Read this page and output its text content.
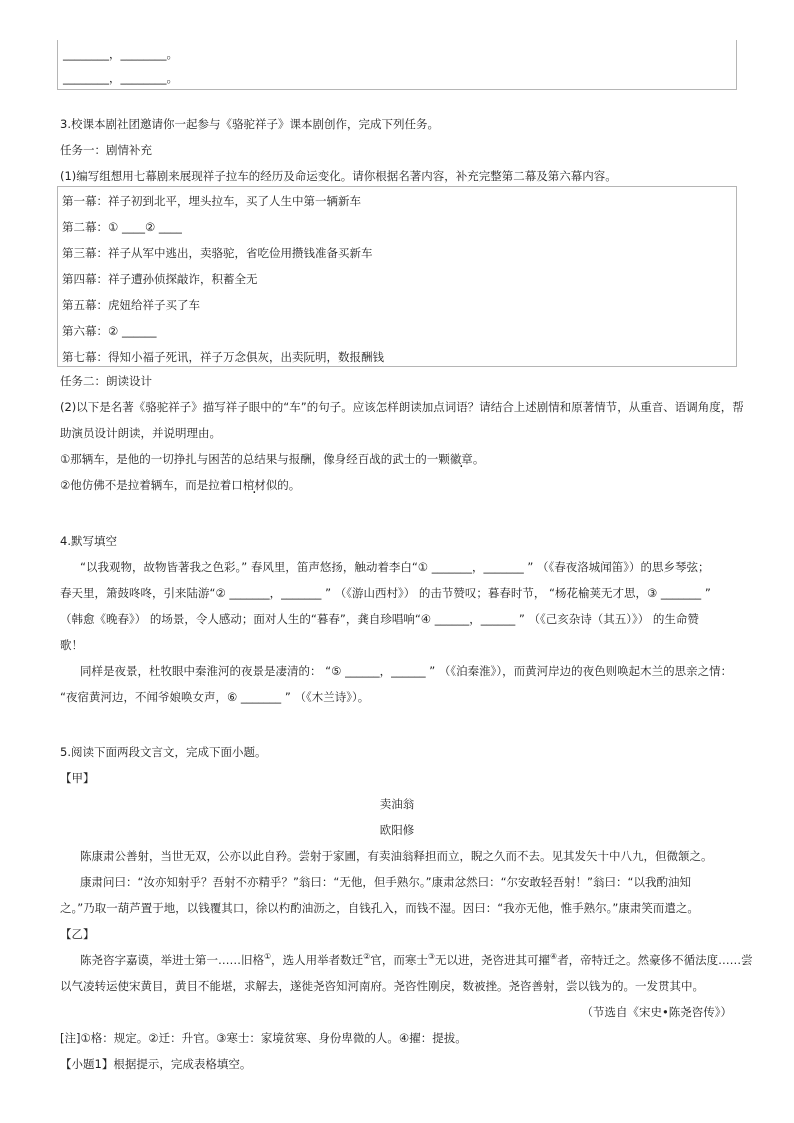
________，________。
________，________。
3.校课本剧社团邀请你一起参与《骆驼祥子》课本剧创作，完成下列任务。
任务一：剧情补充
(1)编写组想用七幕剧来展现祥子拉车的经历及命运变化。请你根据名著内容，补充完整第二幕及第六幕内容。
第一幕：祥子初到北平，埋头拉车，买了人生中第一辆新车
第二幕：① ____② ____
第三幕：祥子从军中逃出，卖骆驼，省吃俭用攒钱准备买新车
第四幕：祥子遭孙侦探敲诈，积蓄全无
第五幕：虎妞给祥子买了车
第六幕：② ______
第七幕：得知小福子死讯，祥子万念俱灰，出卖阮明，数报酬钱
任务二：朗读设计
(2)以下是名著《骆驼祥子》描写祥子眼中的“车”的句子。应该怎样朗读加点词语？请结合上述剧情和原著情节，从重音、语调角度，帮
助演员设计朗读，并说明理由。
①那辆车，是他的一切挣扎与困苦的总结果与报酬，像身经百战的武士的一颗徽章。
②他仿佛不是拉着辆车，而是拉着口棺材似的。
4.默写填空
“以我观物，故物皆著我之色彩。” 春风里，笛声悠扬，触动着李白“① _______，_______ ” （《春夜洛城闻笛》）的思乡琴弦；
春天里，箫鼓咚咚，引来陆游“② _______，_______ ” （《游山西村》） 的击节赞叹；暮春时节， “杨花榆荚无才思，③ _______ ”
（韩愈《晚春》） 的场景，令人感动；面对人生的“暮春”，龚自珍唱响“④ ______，______ ” （《己亥杂诗（其五）》） 的生命赞
歌！
同样是夜景，杜牧眼中秦淮河的夜景是凄清的： “⑤ ______，______ ” （《泊秦淮》），而黄河岸边的夜色则唤起木兰的思亲之情：
“夜宿黄河边，不闻爷娘唤女声，⑥ _______ ” （《木兰诗》）。
5.阅读下面两段文言文，完成下面小题。
【甲】
卖油翁
欧阳修
陈康肃公善射，当世无双，公亦以此自矜。尝射于家圃，有卖油翁释担而立，睨之久而不去。见其发矢十中八九，但微颔之。
康肃问曰：“汝亦知射乎？吾射不亦精乎？”翁曰：“无他，但手熟尔。”康肃忿然曰：“尔安敢轻吾射！”翁曰：“以我酌油知
之。”乃取一葫芦置于地，以钱覆其口，徐以杓酌油沥之，自钱孔入，而钱不湿。因曰：“我亦无他，惟手熟尔。”康肃笑而遣之。
【乙】
陈尧咨字嘉谟，举进士第一……旧格①，选人用举者数迁②官，而寒士③无以进，尧咨进其可擢④者，帝特迁之。然豪侈不循法度……尝
以气凌转运使宋黄目，黄目不能堪，求解去，遂徙尧咨知河南府。尧咨性刚戾，数被挫。尧咨善射，尝以钱为的。一发贯其中。
（节选自《宋史•陈尧咨传》）
[注]①格：规定。②迁：升官。③寒士：家境贫寒、身份卑微的人。④擢：提拔。
【小题1】根据提示，完成表格填空。
